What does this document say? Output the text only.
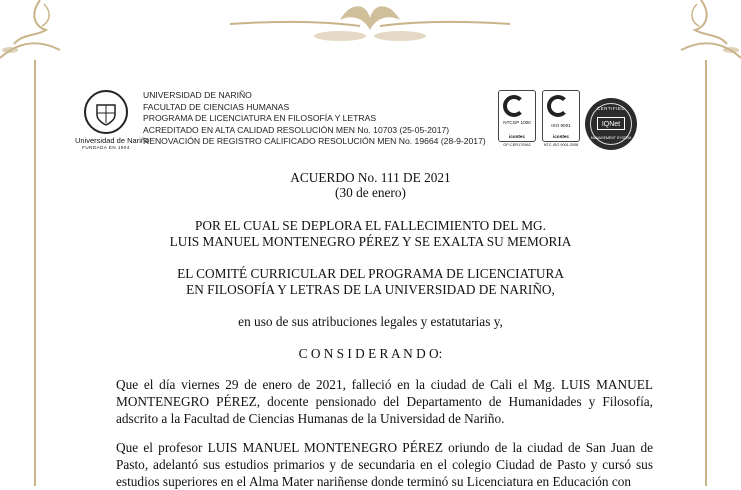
Universidad de Nariño
FUNDADA EN 1904
UNIVERSIDAD DE NARIÑO
FACULTAD DE CIENCIAS HUMANAS
PROGRAMA DE LICENCIATURA EN FILOSOFÍA Y LETRAS
ACREDITADO EN ALTA CALIDAD RESOLUCIÓN MEN No. 10703 (25-05-2017)
RENOVACIÓN DE REGISTRO CALIFICADO RESOLUCIÓN MEN No. 19664 (28-9-2017)
NTCGP 1000
icontec
GP-CER170962
ISO 9001
icontec
NTC-ISO 9001:2008
CERTIFIED
IQNet
MANAGEMENT SYSTEM
ACUERDO No. 111 DE 2021
(30 de enero)
POR EL CUAL SE DEPLORA EL FALLECIMIENTO DEL MG.
LUIS MANUEL MONTENEGRO PÉREZ Y SE EXALTA SU MEMORIA
EL COMITÉ CURRICULAR DEL PROGRAMA DE LICENCIATURA
EN FILOSOFÍA Y LETRAS DE LA UNIVERSIDAD DE NARIÑO,
en uso de sus atribuciones legales y estatutarias y,
C O N S I D E R A N D O:
Que el día viernes 29 de enero de 2021, falleció en la ciudad de Cali el Mg. LUIS MANUEL MONTENEGRO PÉREZ, docente pensionado del Departamento de Humanidades y Filosofía, adscrito a la Facultad de Ciencias Humanas de la Universidad de Nariño.
Que el profesor LUIS MANUEL MONTENEGRO PÉREZ oriundo de la ciudad de San Juan de Pasto, adelantó sus estudios primarios y de secundaria en el colegio Ciudad de Pasto y cursó sus estudios superiores en el Alma Mater nariñense donde terminó su Licenciatura en Educación con
